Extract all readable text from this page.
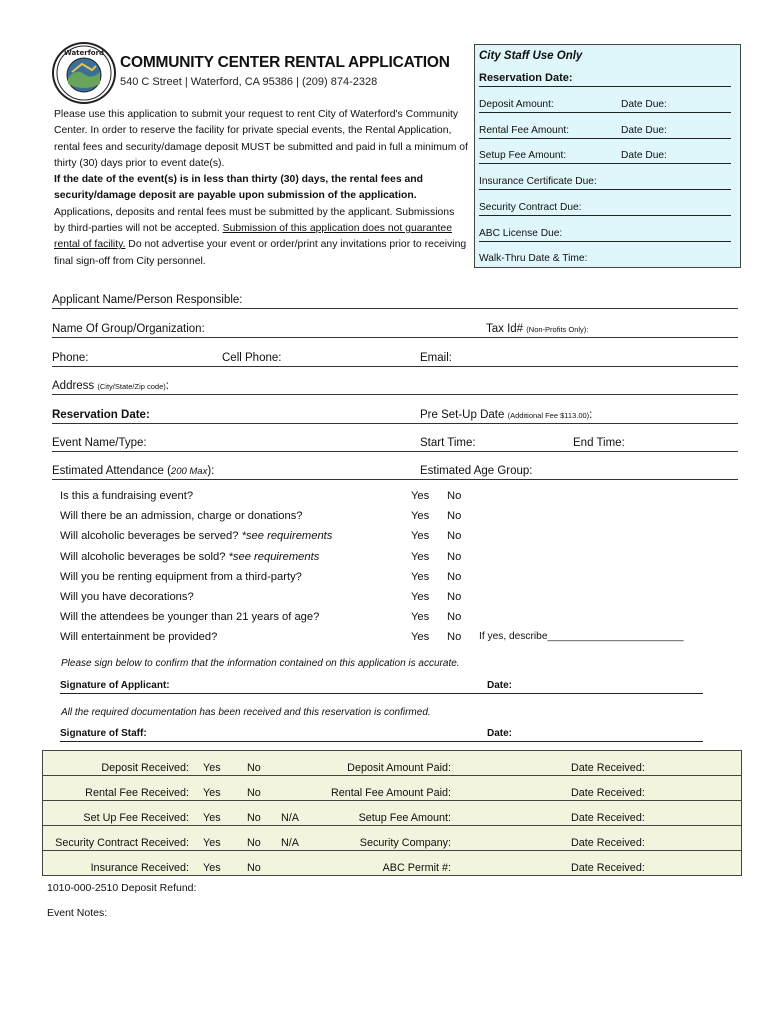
Waterford
COMMUNITY CENTER RENTAL APPLICATION
540 C Street | Waterford, CA 95386 | (209) 874-2328
Please use this application to submit your request to rent City of Waterford's Community Center. In order to reserve the facility for private special events, the Rental Application, rental fees and security/damage deposit MUST be submitted and paid in full a minimum of thirty (30) days prior to event date(s).
If the date of the event(s) is in less than thirty (30) days, the rental fees and security/damage deposit are payable upon submission of the application. Applications, deposits and rental fees must be submitted by the applicant. Submissions by third-parties will not be accepted. Submission of this application does not guarantee rental of facility. Do not advertise your event or order/print any invitations prior to receiving final sign-off from City personnel.
City Staff Use Only
Reservation Date:
Deposit Amount:	Date Due:
Rental Fee Amount:	Date Due:
Setup Fee Amount:	Date Due:
Insurance Certificate Due:
Security Contract Due:
ABC License Due:
Walk-Thru Date & Time:
Applicant Name/Person Responsible:
Name Of Group/Organization:	Tax Id# (Non-Profits Only):
Phone:	Cell Phone:	Email:
Address (City/State/Zip code):
Reservation Date:	Pre Set-Up Date (Additional Fee $113.00):
Event Name/Type:	Start Time:	End Time:
Estimated Attendance (200 Max):	Estimated Age Group:
Is this a fundraising event?	Yes No
Will there be an admission, charge or donations?	Yes No
Will alcoholic beverages be served? *see requirements	Yes No
Will alcoholic beverages be sold? *see requirements	Yes No
Will you be renting equipment from a third-party?	Yes No
Will you have decorations?	Yes No
Will the attendees be younger than 21 years of age?	Yes No
Will entertainment be provided?	Yes No If yes, describe________________________
Please sign below to confirm that the information contained on this application is accurate.
Signature of Applicant:	Date:
All the required documentation has been received and this reservation is confirmed.
Signature of Staff:	Date:
Deposit Received: Yes No	Deposit Amount Paid:	Date Received:
Rental Fee Received: Yes No	Rental Fee Amount Paid:	Date Received:
Set Up Fee Received: Yes No N/A	Setup Fee Amount:	Date Received:
Security Contract Received: Yes No N/A	Security Company:	Date Received:
Insurance Received: Yes No	ABC Permit #:	Date Received:
1010-000-2510 Deposit Refund:
Event Notes:
